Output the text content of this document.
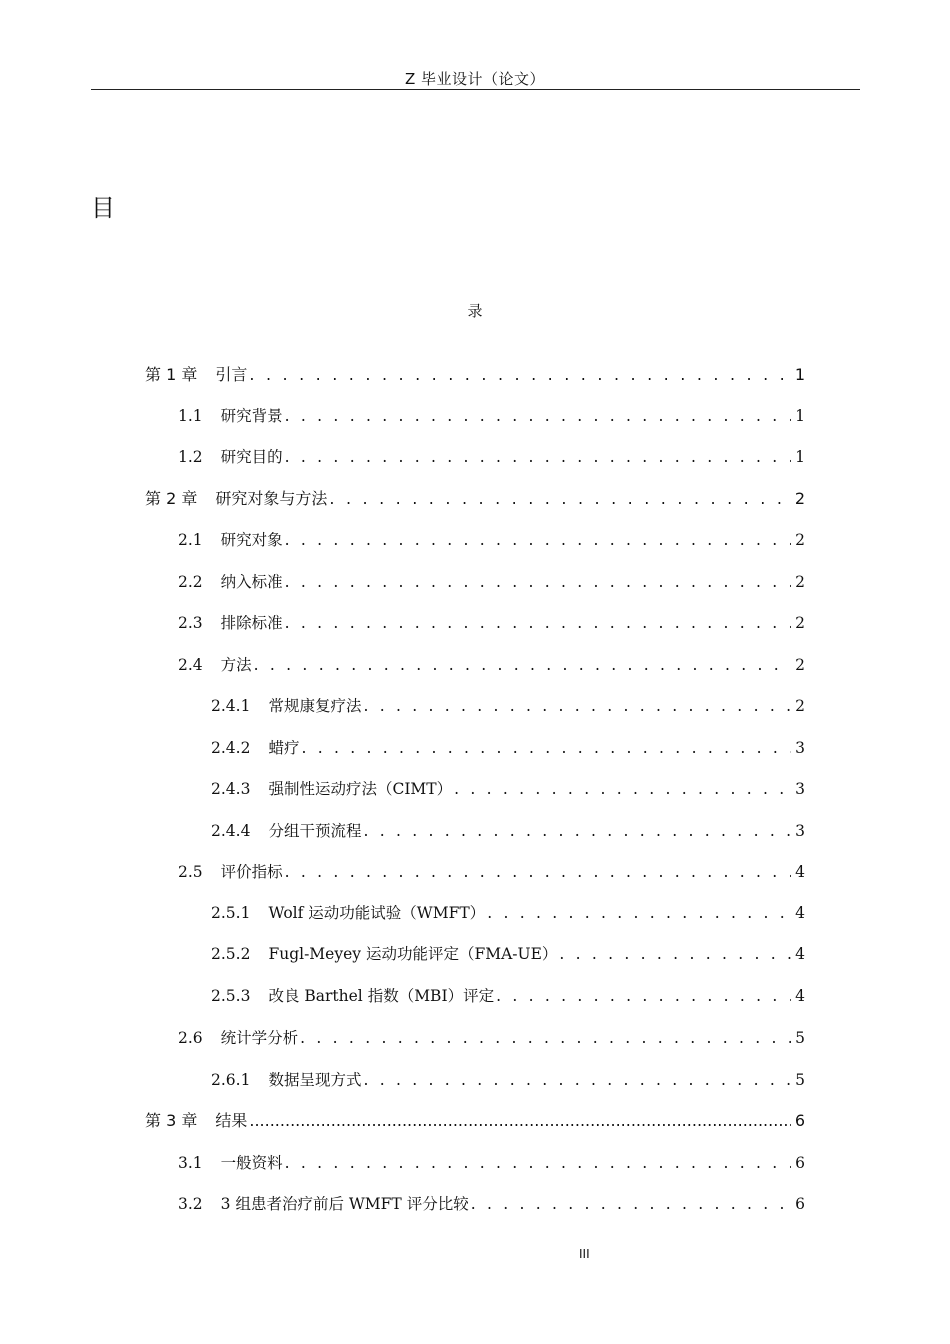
Z 毕业设计（论文）
目
录
第 1 章 引言 . . .	1
1.1 研究背景 . . .	1
1.2 研究目的 . . .	1
第 2 章 研究对象与方法 . . .	2
2.1 研究对象 . . .	2
2.2 纳入标准 . . .	2
2.3 排除标准 . . .	2
2.4 方法 . . .	2
2.4.1 常规康复疗法 . . .	2
2.4.2 蜡疗 . . .	3
2.4.3 强制性运动疗法（CIMT） . . .	3
2.4.4 分组干预流程 . . .	3
2.5 评价指标 . . .	4
2.5.1 Wolf 运动功能试验（WMFT） . . .	4
2.5.2 Fugl-Meyey 运动功能评定（FMA-UE） . . .	4
2.5.3 改良 Barthel 指数（MBI）评定 . . .	4
2.6 统计学分析 . . .	5
2.6.1 数据呈现方式 . . .	5
第 3 章 结果 .....	6
3.1 一般资料 . . .	6
3.2 3 组患者治疗前后 WMFT 评分比较 . . .	6
III
